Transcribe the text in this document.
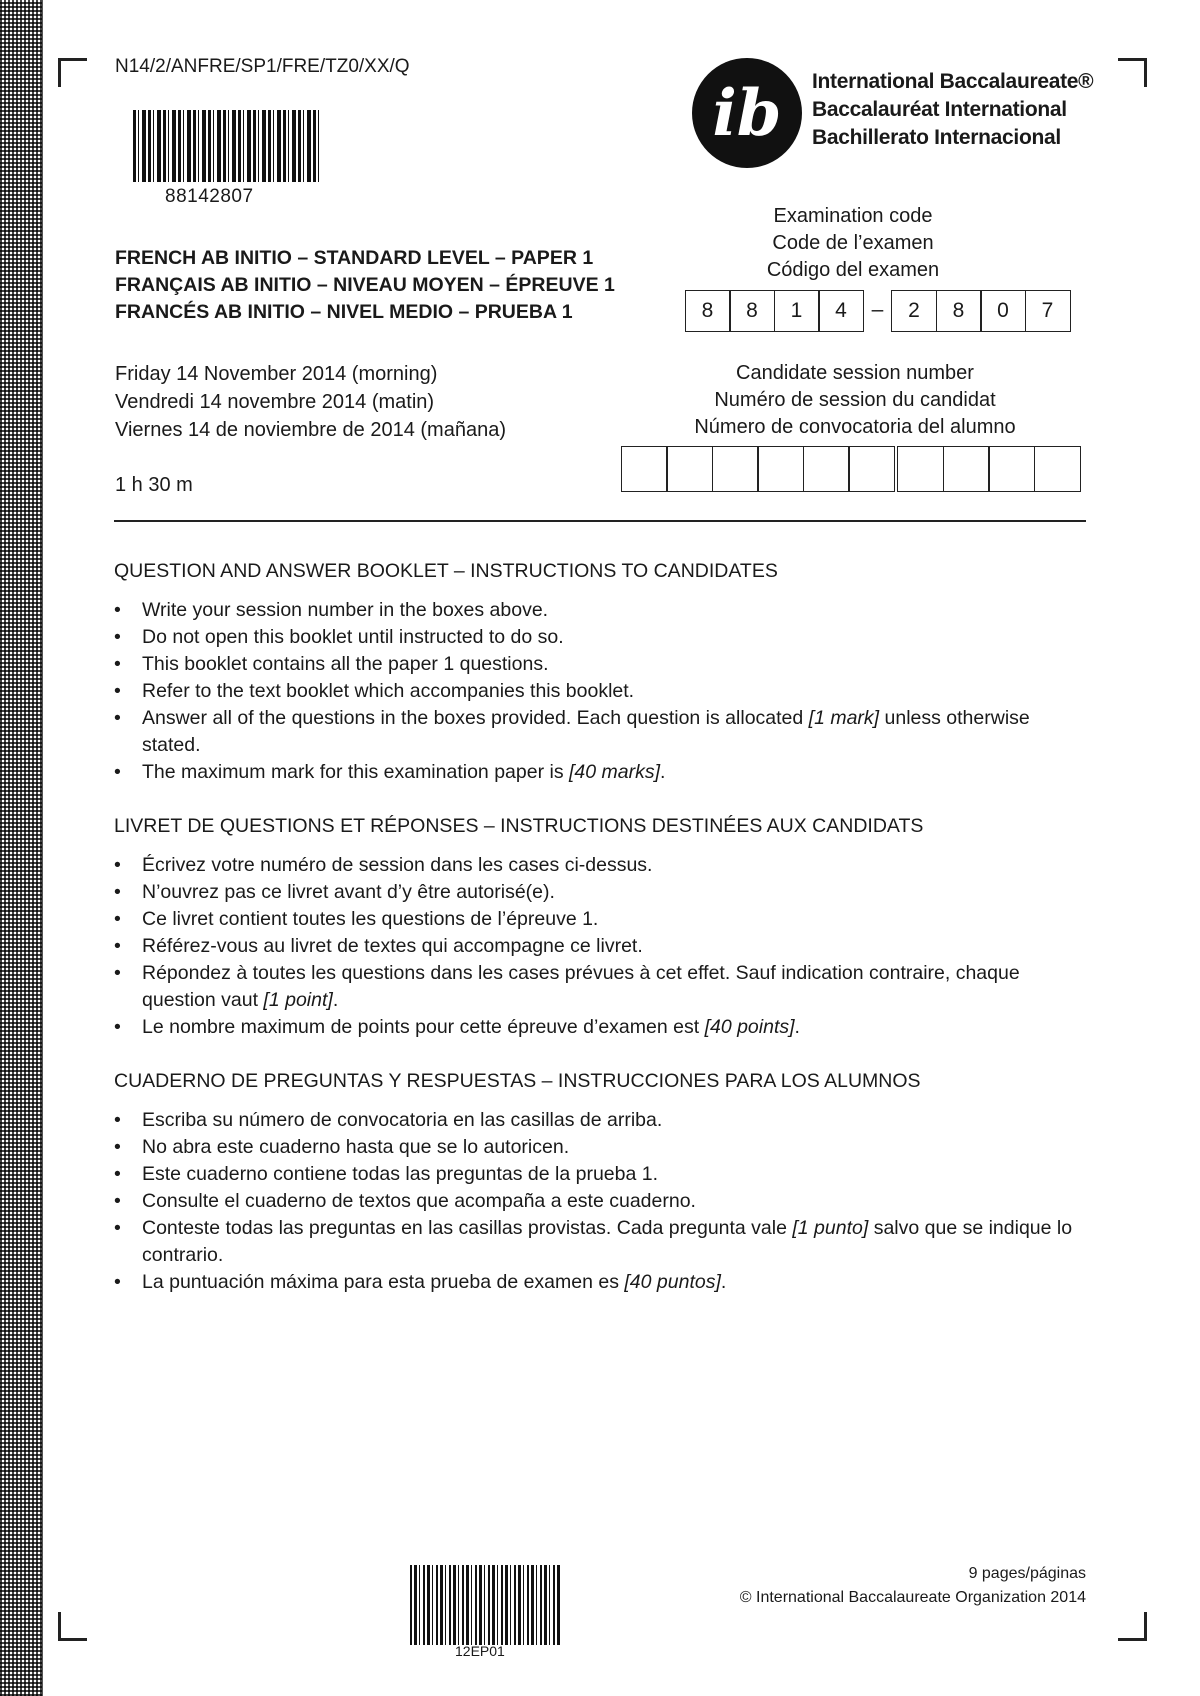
N14/2/ANFRE/SP1/FRE/TZ0/XX/Q
88142807
ib	International Baccalaureate®
Baccalauréat International
Bachillerato Internacional
Examination code
Code de l’examen
Código del examen
8	8	1	4	–	2	8	0	7
FRENCH AB INITIO – STANDARD LEVEL – PAPER 1
FRANÇAIS AB INITIO – NIVEAU MOYEN – ÉPREUVE 1
FRANCÉS AB INITIO – NIVEL MEDIO – PRUEBA 1
Friday 14 November 2014 (morning)
Vendredi 14 novembre 2014 (matin)
Viernes 14 de noviembre de 2014 (mañana)
1 h 30 m
Candidate session number
Numéro de session du candidat
Número de convocatoria del alumno
QUESTION AND ANSWER BOOKLET – INSTRUCTIONS TO CANDIDATES
• Write your session number in the boxes above.
• Do not open this booklet until instructed to do so.
• This booklet contains all the paper 1 questions.
• Refer to the text booklet which accompanies this booklet.
• Answer all of the questions in the boxes provided. Each question is allocated [1 mark] unless otherwise stated.
• The maximum mark for this examination paper is [40 marks].
LIVRET DE QUESTIONS ET RÉPONSES – INSTRUCTIONS DESTINÉES AUX CANDIDATS
• Écrivez votre numéro de session dans les cases ci-dessus.
• N’ouvrez pas ce livret avant d’y être autorisé(e).
• Ce livret contient toutes les questions de l’épreuve 1.
• Référez-vous au livret de textes qui accompagne ce livret.
• Répondez à toutes les questions dans les cases prévues à cet effet. Sauf indication contraire, chaque question vaut [1 point].
• Le nombre maximum de points pour cette épreuve d’examen est [40 points].
CUADERNO DE PREGUNTAS Y RESPUESTAS – INSTRUCCIONES PARA LOS ALUMNOS
• Escriba su número de convocatoria en las casillas de arriba.
• No abra este cuaderno hasta que se lo autoricen.
• Este cuaderno contiene todas las preguntas de la prueba 1.
• Consulte el cuaderno de textos que acompaña a este cuaderno.
• Conteste todas las preguntas en las casillas provistas. Cada pregunta vale [1 punto] salvo que se indique lo contrario.
• La puntuación máxima para esta prueba de examen es [40 puntos].
12EP01
9 pages/páginas
© International Baccalaureate Organization 2014
